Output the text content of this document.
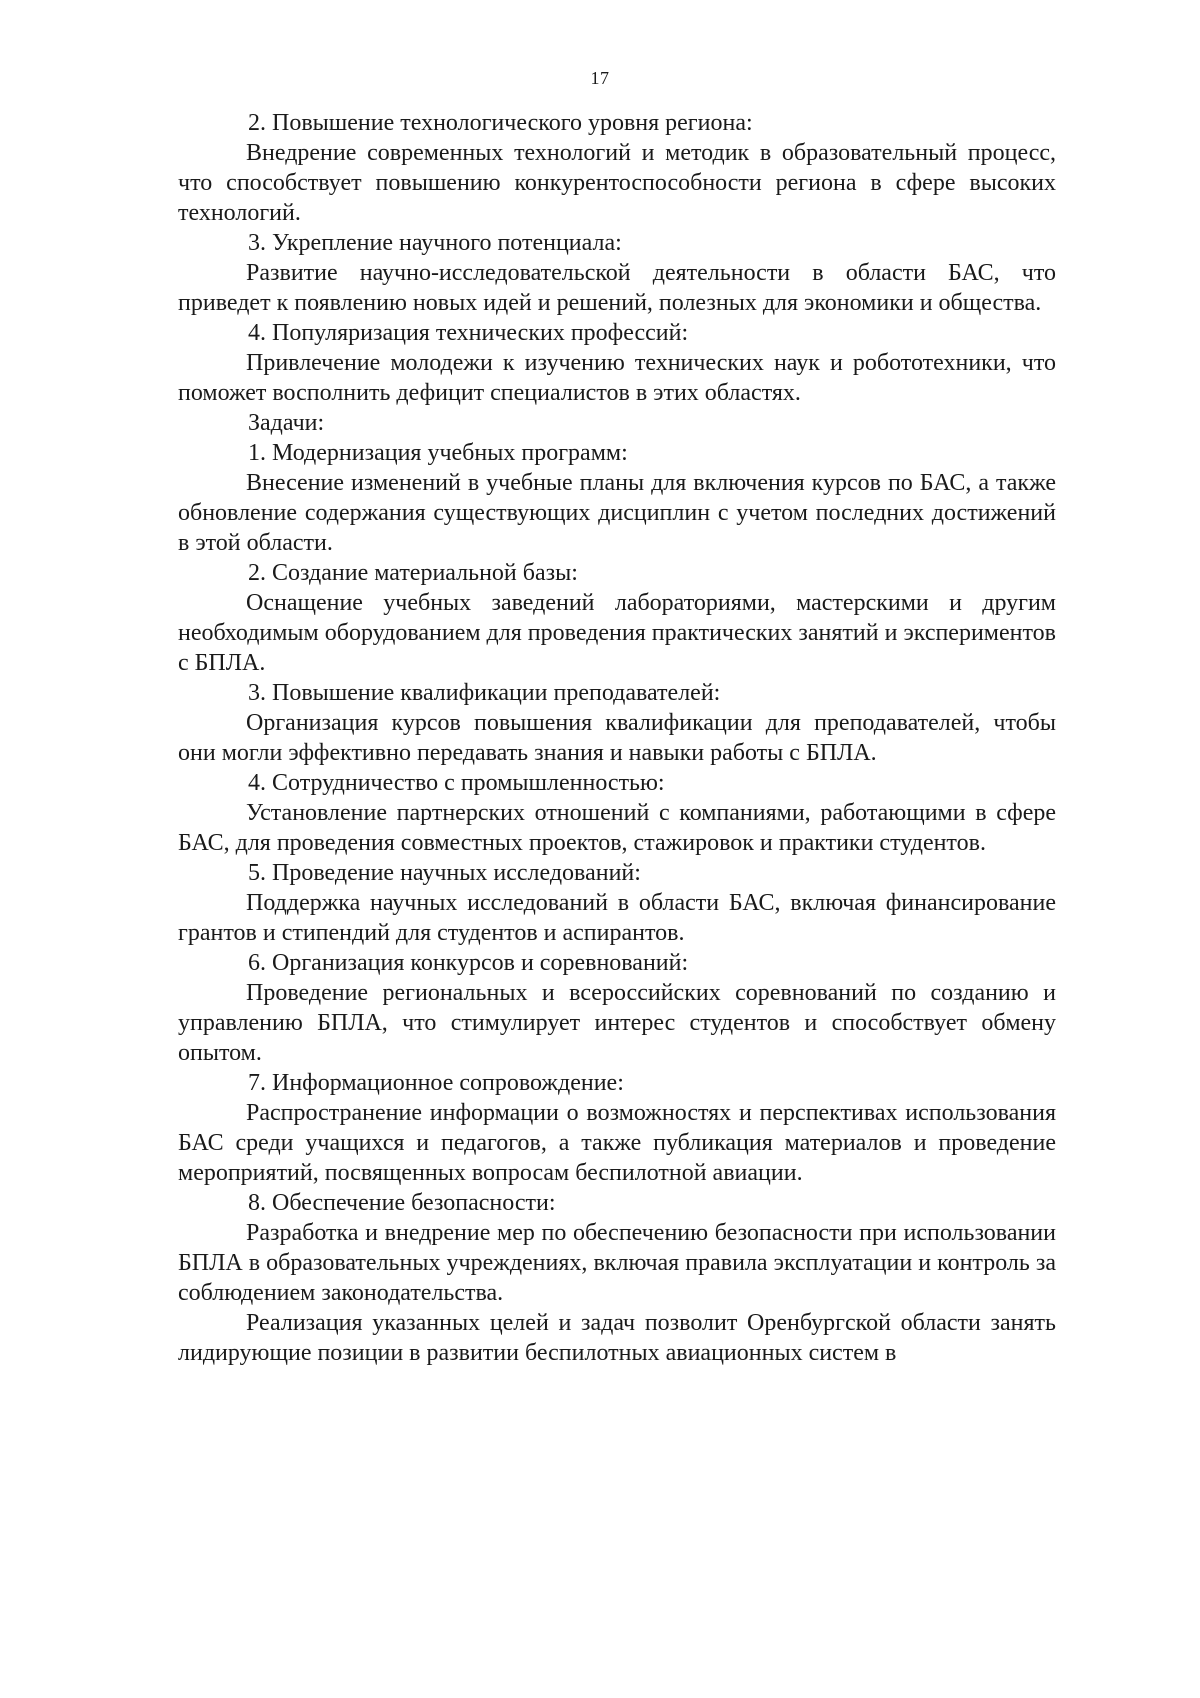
17

2. Повышение технологического уровня региона:

Внедрение современных технологий и методик в образовательный процесс, что способствует повышению конкурентоспособности региона в сфере высоких технологий.

3. Укрепление научного потенциала:

Развитие научно-исследовательской деятельности в области БАС, что приведет к появлению новых идей и решений, полезных для экономики и общества.

4. Популяризация технических профессий:

Привлечение молодежи к изучению технических наук и робототехники, что поможет восполнить дефицит специалистов в этих областях.

Задачи:

1. Модернизация учебных программ:

Внесение изменений в учебные планы для включения курсов по БАС, а также обновление содержания существующих дисциплин с учетом последних достижений в этой области.

2. Создание материальной базы:

Оснащение учебных заведений лабораториями, мастерскими и другим необходимым оборудованием для проведения практических занятий и экспериментов с БПЛА.

3. Повышение квалификации преподавателей:

Организация курсов повышения квалификации для преподавателей, чтобы они могли эффективно передавать знания и навыки работы с БПЛА.

4. Сотрудничество с промышленностью:

Установление партнерских отношений с компаниями, работающими в сфере БАС, для проведения совместных проектов, стажировок и практики студентов.

5. Проведение научных исследований:

Поддержка научных исследований в области БАС, включая финансирование грантов и стипендий для студентов и аспирантов.

6. Организация конкурсов и соревнований:

Проведение региональных и всероссийских соревнований по созданию и управлению БПЛА, что стимулирует интерес студентов и способствует обмену опытом.

7. Информационное сопровождение:

Распространение информации о возможностях и перспективах использования БАС среди учащихся и педагогов, а также публикация материалов и проведение мероприятий, посвященных вопросам беспилотной авиации.

8. Обеспечение безопасности:

Разработка и внедрение мер по обеспечению безопасности при использовании БПЛА в образовательных учреждениях, включая правила эксплуатации и контроль за соблюдением законодательства.

Реализация указанных целей и задач позволит Оренбургской области занять лидирующие позиции в развитии беспилотных авиационных систем в
